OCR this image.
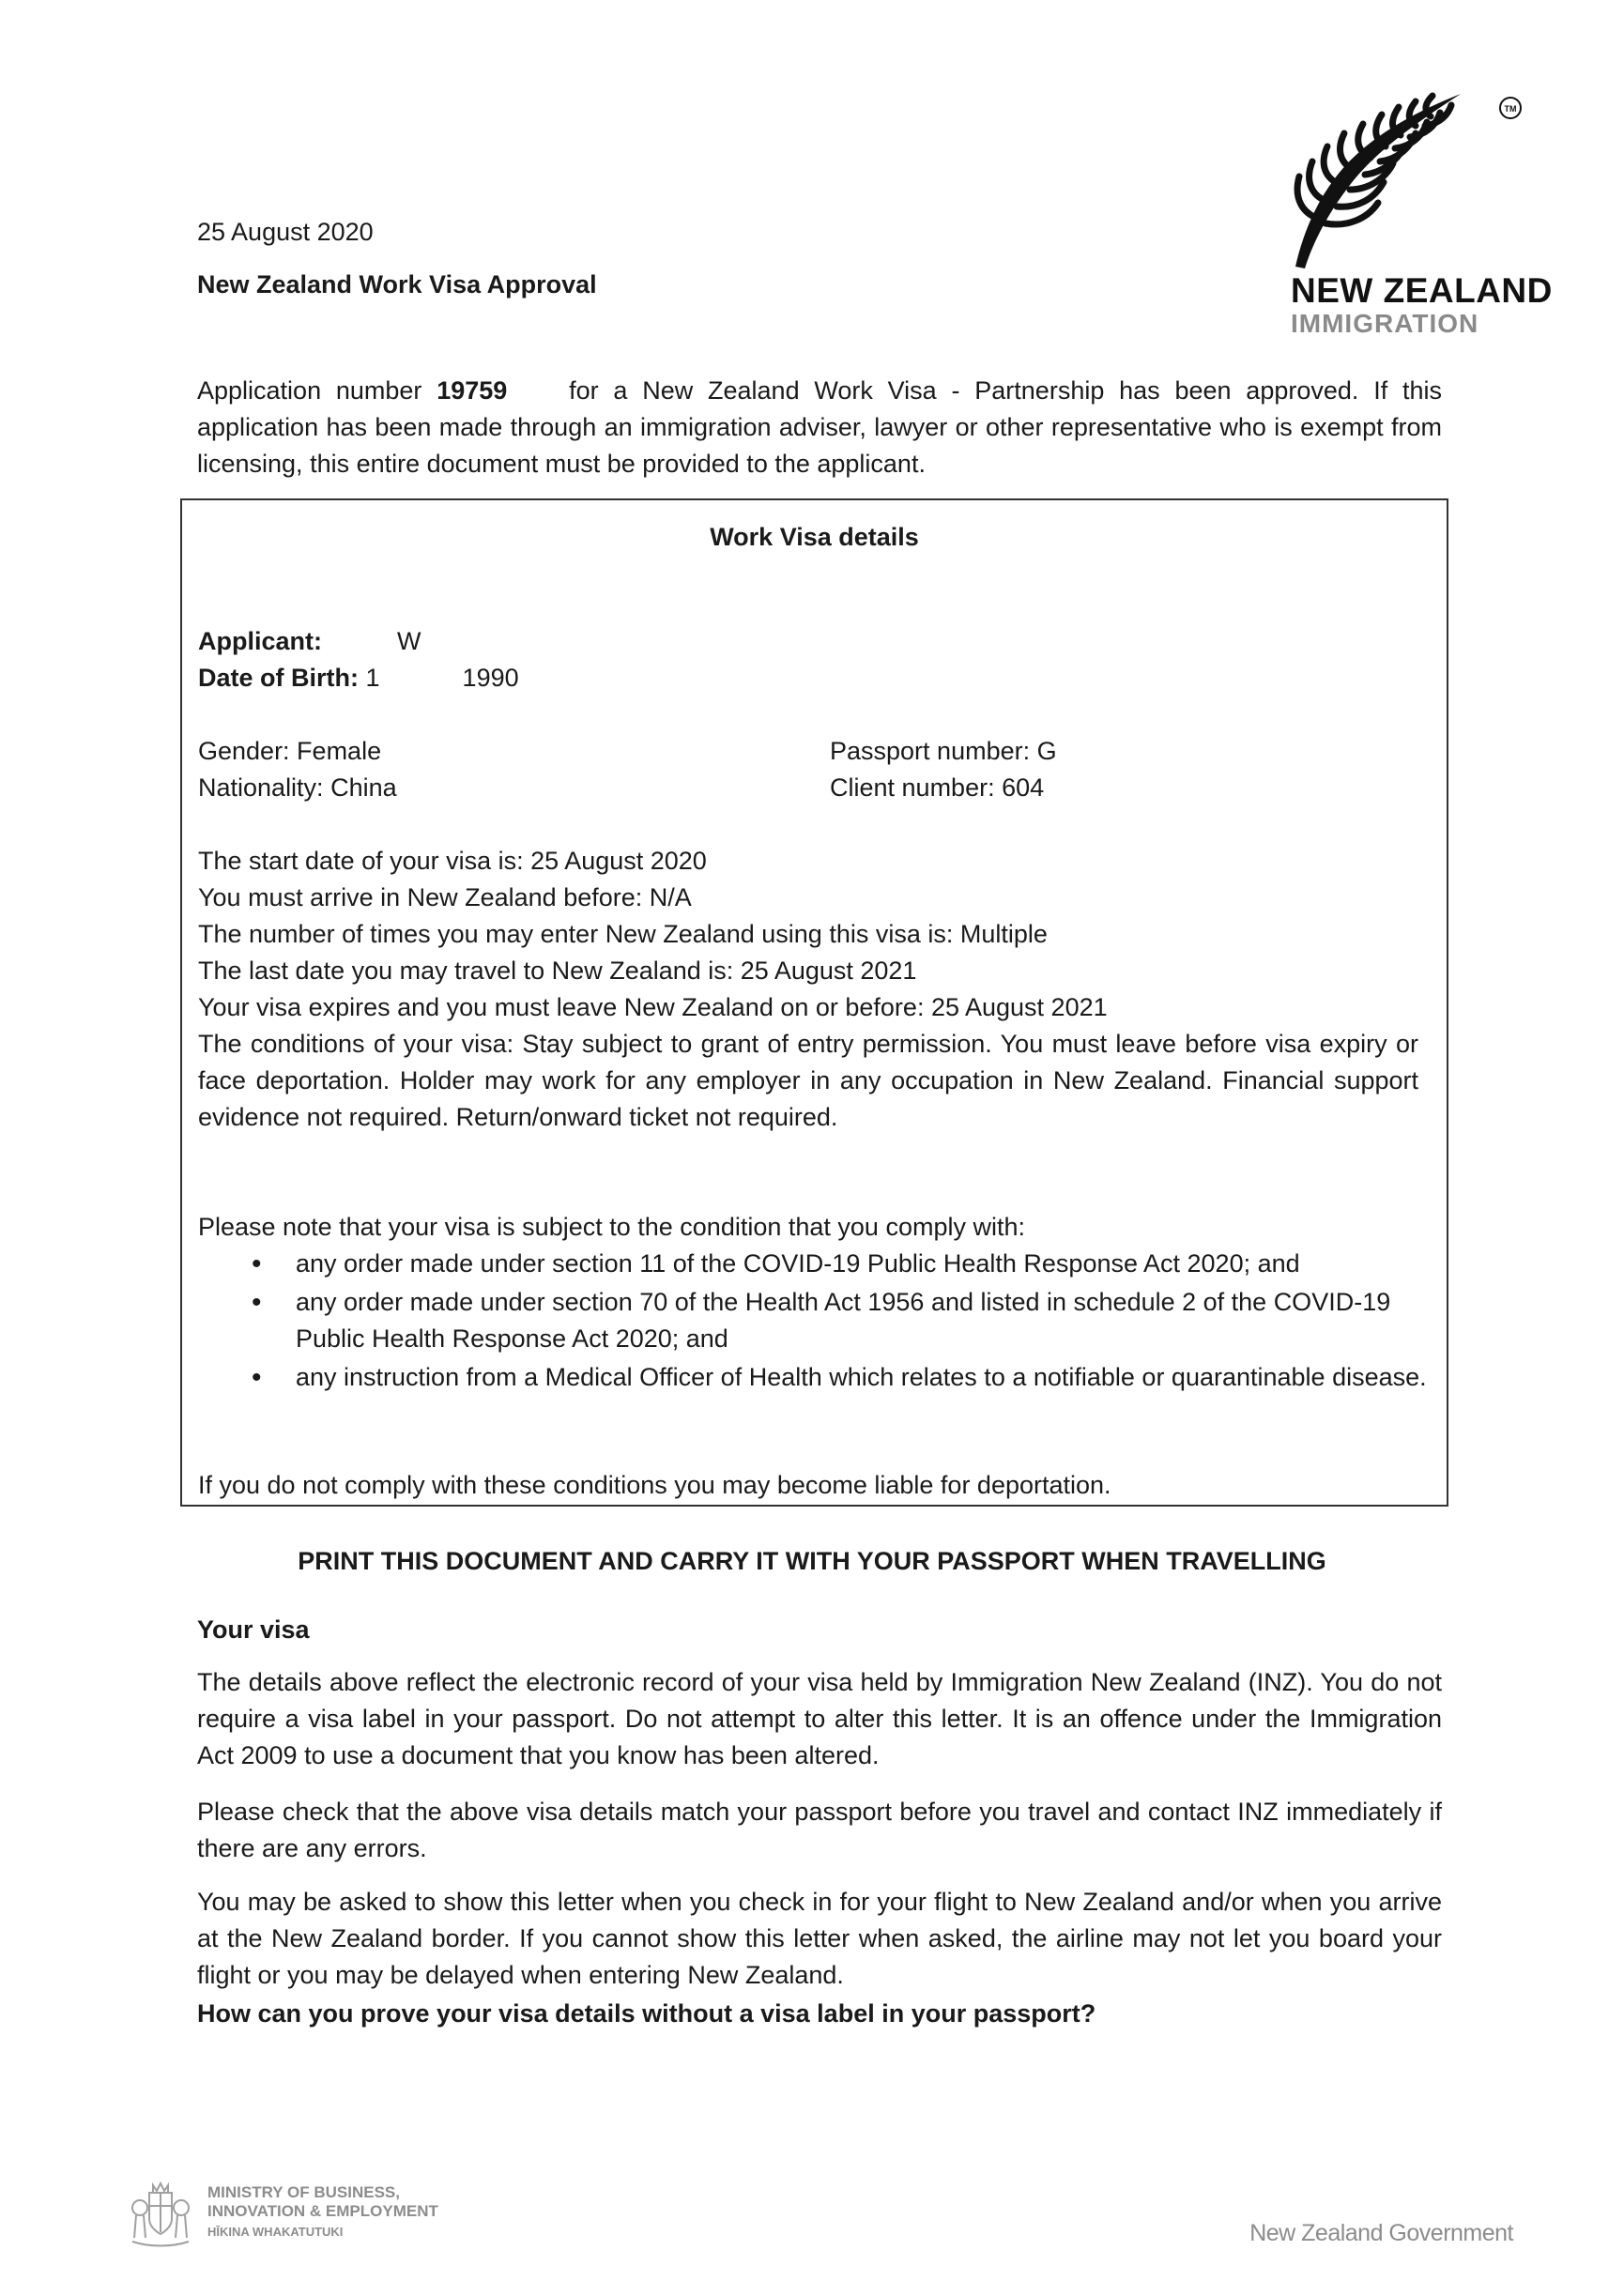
25 August 2020
New Zealand Work Visa Approval
TM
NEW ZEALAND
IMMIGRATION
Application number 19759 for a New Zealand Work Visa - Partnership has been approved. If this application has been made through an immigration adviser, lawyer or other representative who is exempt from licensing, this entire document must be provided to the applicant.
Work Visa details
Applicant:	W
Date of Birth: 1	1990
Gender: Female
Nationality: China
Passport number: G
Client number: 604
The start date of your visa is: 25 August 2020
You must arrive in New Zealand before: N/A
The number of times you may enter New Zealand using this visa is: Multiple
The last date you may travel to New Zealand is: 25 August 2021
Your visa expires and you must leave New Zealand on or before: 25 August 2021
The conditions of your visa: Stay subject to grant of entry permission. You must leave before visa expiry or face deportation. Holder may work for any employer in any occupation in New Zealand. Financial support evidence not required. Return/onward ticket not required.
Please note that your visa is subject to the condition that you comply with:
• any order made under section 11 of the COVID-19 Public Health Response Act 2020; and
• any order made under section 70 of the Health Act 1956 and listed in schedule 2 of the COVID-19 Public Health Response Act 2020; and
• any instruction from a Medical Officer of Health which relates to a notifiable or quarantinable disease.
If you do not comply with these conditions you may become liable for deportation.
PRINT THIS DOCUMENT AND CARRY IT WITH YOUR PASSPORT WHEN TRAVELLING
Your visa
The details above reflect the electronic record of your visa held by Immigration New Zealand (INZ). You do not require a visa label in your passport. Do not attempt to alter this letter. It is an offence under the Immigration Act 2009 to use a document that you know has been altered.
Please check that the above visa details match your passport before you travel and contact INZ immediately if there are any errors.
You may be asked to show this letter when you check in for your flight to New Zealand and/or when you arrive at the New Zealand border. If you cannot show this letter when asked, the airline may not let you board your flight or you may be delayed when entering New Zealand.
How can you prove your visa details without a visa label in your passport?
MINISTRY OF BUSINESS,
INNOVATION & EMPLOYMENT
HĪKINA WHAKATUTUKI	New Zealand Government
